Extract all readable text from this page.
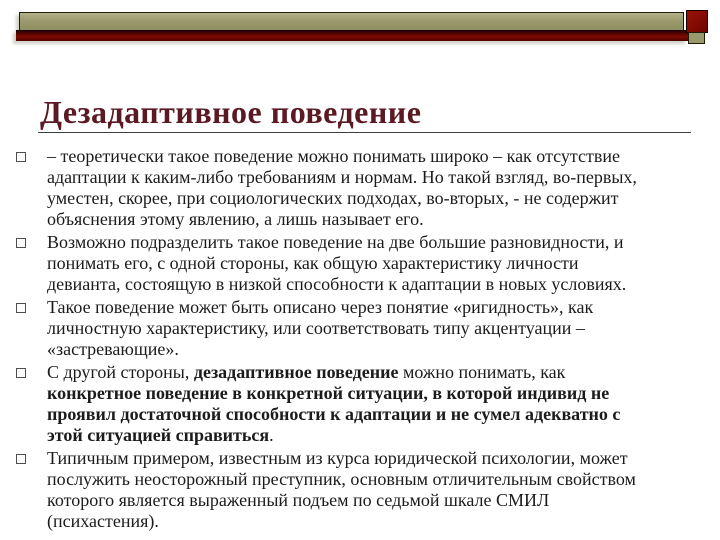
Дезадаптивное поведение
– теоретически такое поведение можно понимать широко – как отсутствие
адаптации к каким-либо требованиям и нормам. Но такой взгляд, во-первых,
уместен, скорее, при социологических подходах, во-вторых, - не содержит
объяснения этому явлению, а лишь называет его.
Возможно подразделить такое поведение на две большие разновидности, и
понимать его, с одной стороны, как общую характеристику личности
девианта, состоящую в низкой способности к адаптации в новых условиях.
Такое поведение может быть описано через понятие «ригидность», как
личностную характеристику, или соответствовать типу акцентуации –
«застревающие».
С другой стороны, дезадаптивное поведение можно понимать, как
конкретное поведение в конкретной ситуации, в которой индивид не
проявил достаточной способности к адаптации и не сумел адекватно с
этой ситуацией справиться.
Типичным примером, известным из курса юридической психологии, может
послужить неосторожный преступник, основным отличительным свойством
которого является выраженный подъем по седьмой шкале СМИЛ
(психастения).
